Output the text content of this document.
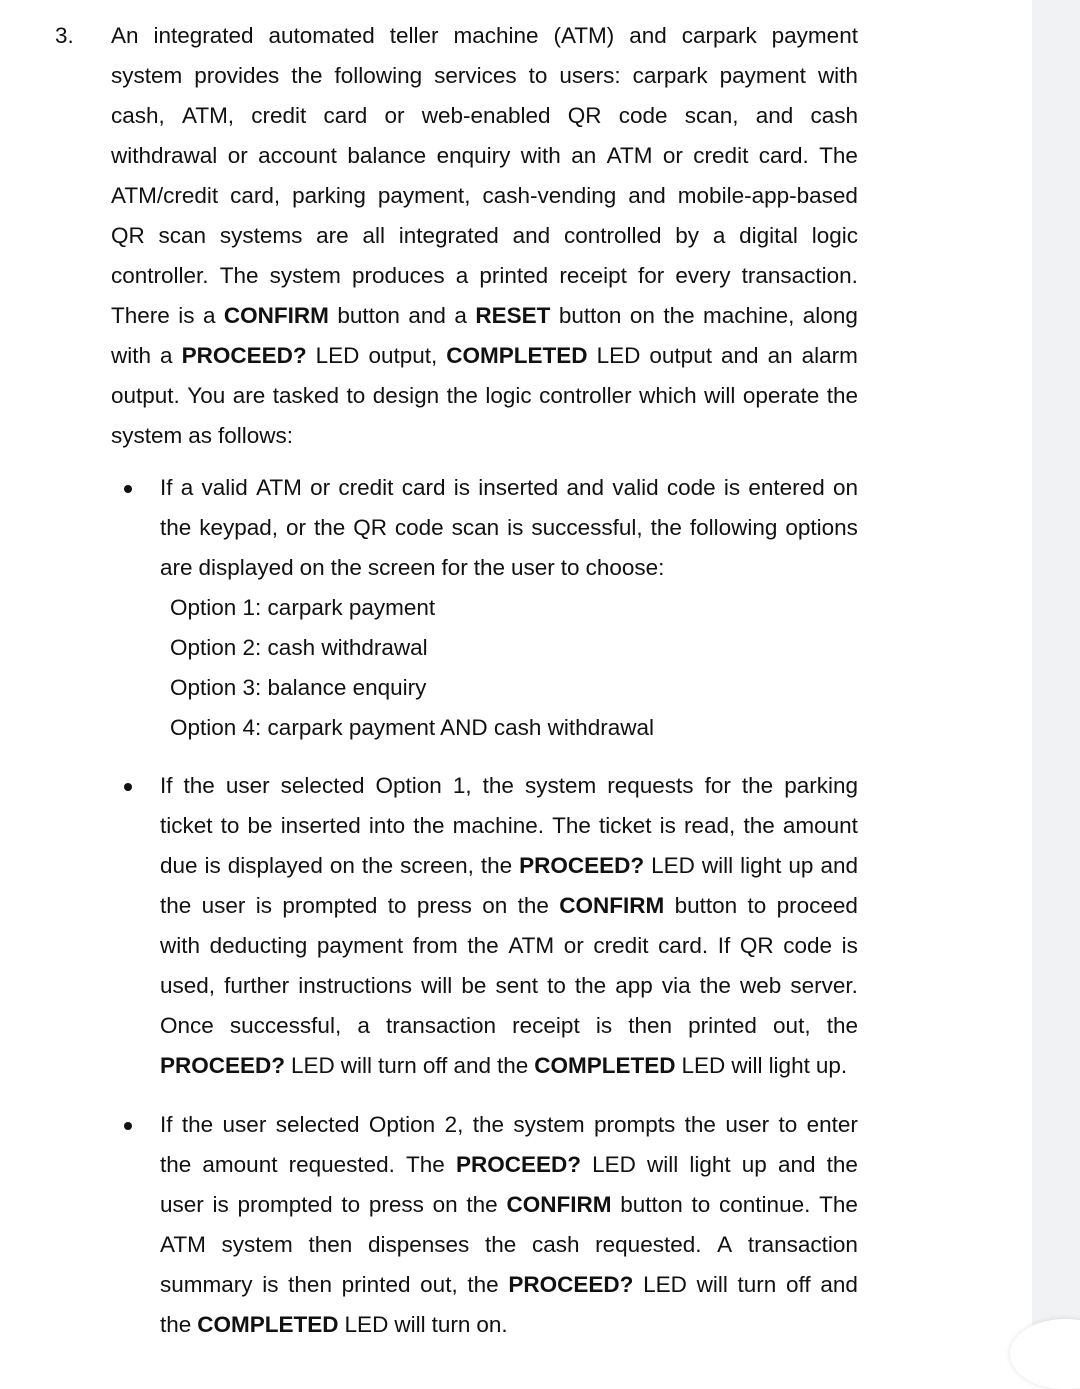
3. An integrated automated teller machine (ATM) and carpark payment
system provides the following services to users: carpark payment with
cash, ATM, credit card or web-enabled QR code scan, and cash
withdrawal or account balance enquiry with an ATM or credit card. The
ATM/credit card, parking payment, cash-vending and mobile-app-based
QR scan systems are all integrated and controlled by a digital logic
controller. The system produces a printed receipt for every transaction.
There is a CONFIRM button and a RESET button on the machine, along
with a PROCEED? LED output, COMPLETED LED output and an alarm
output. You are tasked to design the logic controller which will operate the
system as follows:
If a valid ATM or credit card is inserted and valid code is entered on
the keypad, or the QR code scan is successful, the following options
are displayed on the screen for the user to choose:
Option 1: carpark payment
Option 2: cash withdrawal
Option 3: balance enquiry
Option 4: carpark payment AND cash withdrawal
If the user selected Option 1, the system requests for the parking
ticket to be inserted into the machine. The ticket is read, the amount
due is displayed on the screen, the PROCEED? LED will light up and
the user is prompted to press on the CONFIRM button to proceed
with deducting payment from the ATM or credit card. If QR code is
used, further instructions will be sent to the app via the web server.
Once successful, a transaction receipt is then printed out, the
PROCEED? LED will turn off and the COMPLETED LED will light up.
If the user selected Option 2, the system prompts the user to enter
the amount requested. The PROCEED? LED will light up and the
user is prompted to press on the CONFIRM button to continue. The
ATM system then dispenses the cash requested. A transaction
summary is then printed out, the PROCEED? LED will turn off and
the COMPLETED LED will turn on.
